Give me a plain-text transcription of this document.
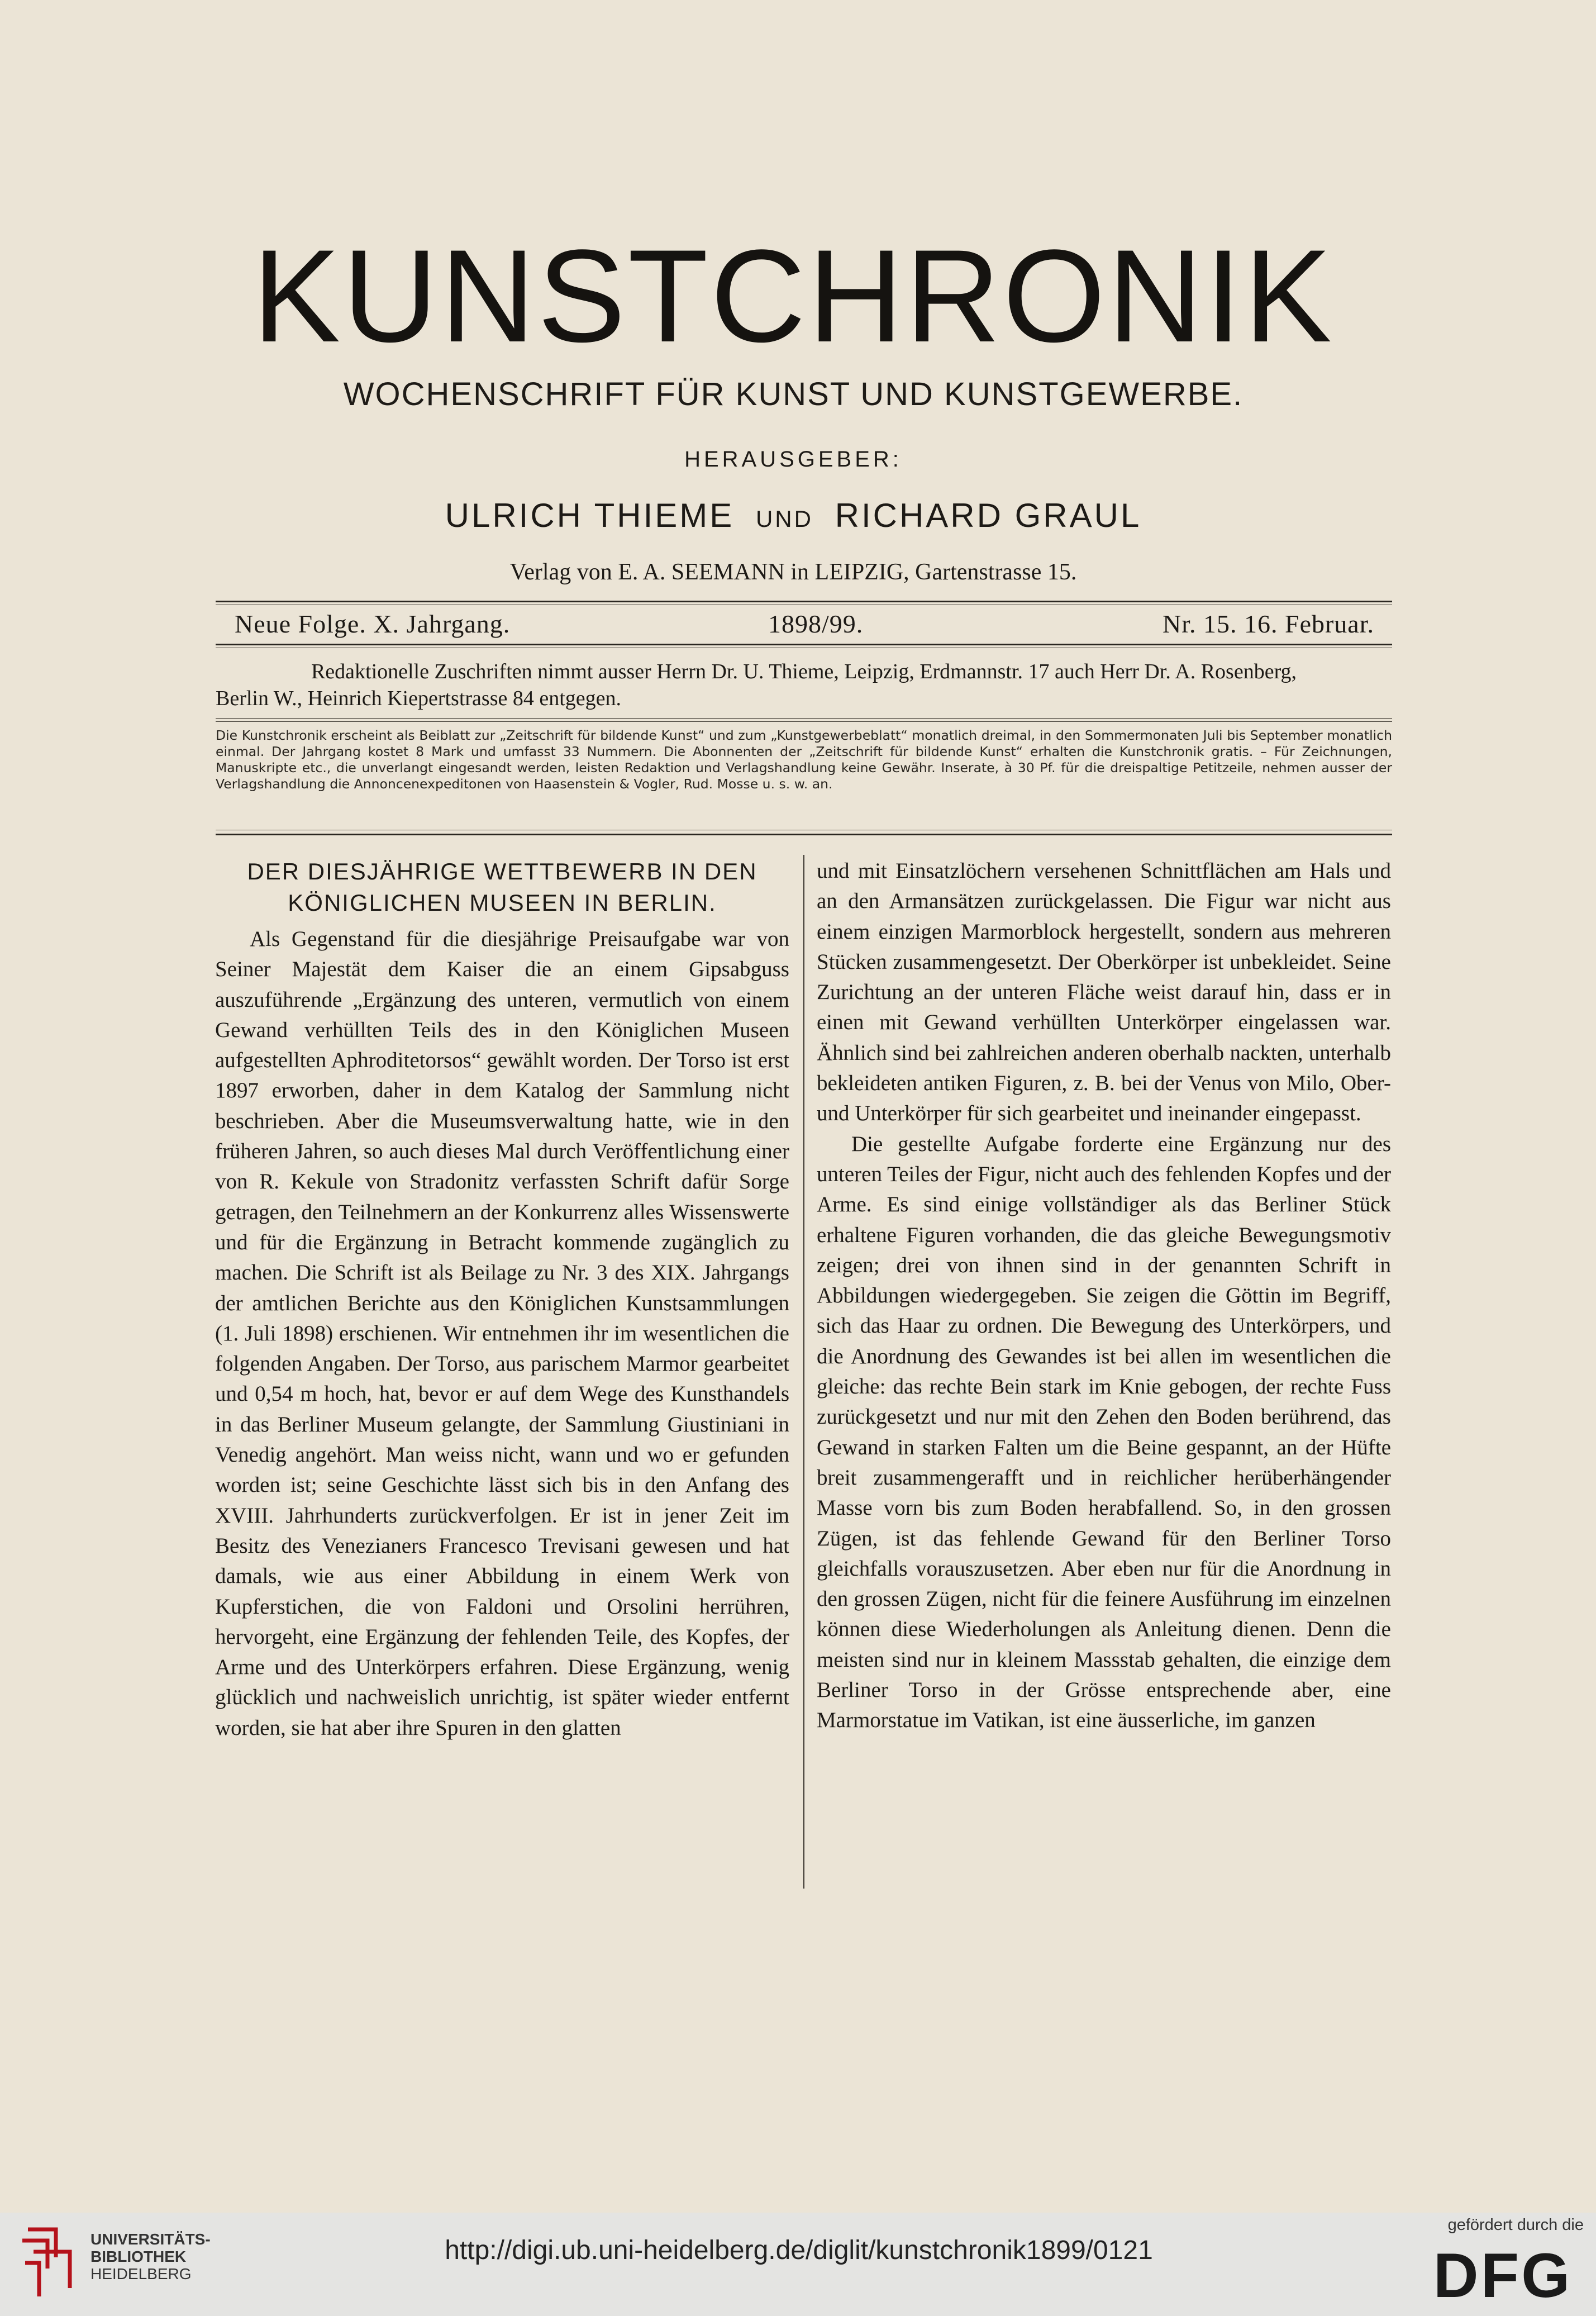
KUNSTCHRONIK
WOCHENSCHRIFT FÜR KUNST UND KUNSTGEWERBE.
HERAUSGEBER:
ULRICH THIEME UND RICHARD GRAUL
Verlag von E. A. SEEMANN in LEIPZIG, Gartenstrasse 15.
Neue Folge. X. Jahrgang.	1898/99.	Nr. 15. 16. Februar.

Redaktionelle Zuschriften nimmt ausser Herrn Dr. U. Thieme, Leipzig, Erdmannstr. 17 auch Herr Dr. A. Rosenberg,

Berlin W., Heinrich Kiepertstrasse 84 entgegen.

Die Kunstchronik erscheint als Beiblatt zur „Zeitschrift für bildende Kunst“ und zum „Kunstgewerbeblatt“ monatlich dreimal, in den Sommermonaten Juli bis September monatlich einmal. Der Jahrgang kostet 8 Mark und umfasst 33 Nummern. Die Abonnenten der „Zeitschrift für bildende Kunst“ erhalten die Kunstchronik gratis. – Für Zeichnungen, Manuskripte etc., die unverlangt eingesandt werden, leisten Redaktion und Verlagshandlung keine Gewähr. Inserate, à 30 Pf. für die dreispaltige Petitzeile, nehmen ausser der Verlagshandlung die Annoncenexpeditonen von Haasenstein & Vogler, Rud. Mosse u. s. w. an.

DER DIESJÄHRIGE WETTBEWERB IN DEN KÖNIGLICHEN MUSEEN IN BERLIN.

Als Gegenstand für die diesjährige Preisaufgabe war von Seiner Majestät dem Kaiser die an einem Gipsabguss auszuführende „Ergänzung des unteren, vermutlich von einem Gewand verhüllten Teils des in den Königlichen Museen aufgestellten Aphroditetorsos“ gewählt worden. Der Torso ist erst 1897 erworben, daher in dem Katalog der Sammlung nicht beschrieben. Aber die Museumsverwaltung hatte, wie in den früheren Jahren, so auch dieses Mal durch Veröffentlichung einer von R. Kekule von Stradonitz verfassten Schrift dafür Sorge getragen, den Teilnehmern an der Konkurrenz alles Wissenswerte und für die Ergänzung in Betracht kommende zugänglich zu machen. Die Schrift ist als Beilage zu Nr. 3 des XIX. Jahrgangs der amtlichen Berichte aus den Königlichen Kunstsammlungen (1. Juli 1898) erschienen. Wir entnehmen ihr im wesentlichen die folgenden Angaben. Der Torso, aus parischem Marmor gearbeitet und 0,54 m hoch, hat, bevor er auf dem Wege des Kunsthandels in das Berliner Museum gelangte, der Sammlung Giustiniani in Venedig angehört. Man weiss nicht, wann und wo er gefunden worden ist; seine Geschichte lässt sich bis in den Anfang des XVIII. Jahrhunderts zurückverfolgen. Er ist in jener Zeit im Besitz des Venezianers Francesco Trevisani gewesen und hat damals, wie aus einer Abbildung in einem Werk von Kupferstichen, die von Faldoni und Orsolini herrühren, hervorgeht, eine Ergänzung der fehlenden Teile, des Kopfes, der Arme und des Unterkörpers erfahren. Diese Ergänzung, wenig glücklich und nachweislich unrichtig, ist später wieder entfernt worden, sie hat aber ihre Spuren in den glatten

und mit Einsatzlöchern versehenen Schnittflächen am Hals und an den Armansätzen zurückgelassen. Die Figur war nicht aus einem einzigen Marmorblock hergestellt, sondern aus mehreren Stücken zusammengesetzt. Der Oberkörper ist unbekleidet. Seine Zurichtung an der unteren Fläche weist darauf hin, dass er in einen mit Gewand verhüllten Unterkörper eingelassen war. Ähnlich sind bei zahlreichen anderen oberhalb nackten, unterhalb bekleideten antiken Figuren, z. B. bei der Venus von Milo, Ober- und Unterkörper für sich gearbeitet und ineinander eingepasst.

Die gestellte Aufgabe forderte eine Ergänzung nur des unteren Teiles der Figur, nicht auch des fehlenden Kopfes und der Arme. Es sind einige vollständiger als das Berliner Stück erhaltene Figuren vorhanden, die das gleiche Bewegungsmotiv zeigen; drei von ihnen sind in der genannten Schrift in Abbildungen wiedergegeben. Sie zeigen die Göttin im Begriff, sich das Haar zu ordnen. Die Bewegung des Unterkörpers, und die Anordnung des Gewandes ist bei allen im wesentlichen die gleiche: das rechte Bein stark im Knie gebogen, der rechte Fuss zurückgesetzt und nur mit den Zehen den Boden berührend, das Gewand in starken Falten um die Beine gespannt, an der Hüfte breit zusammengerafft und in reichlicher herüberhängender Masse vorn bis zum Boden herabfallend. So, in den grossen Zügen, ist das fehlende Gewand für den Berliner Torso gleichfalls vorauszusetzen. Aber eben nur für die Anordnung in den grossen Zügen, nicht für die feinere Ausführung im einzelnen können diese Wiederholungen als Anleitung dienen. Denn die meisten sind nur in kleinem Massstab gehalten, die einzige dem Berliner Torso in der Grösse entsprechende aber, eine Marmorstatue im Vatikan, ist eine äusserliche, im ganzen

UNIVERSITÄTS-
BIBLIOTHEK
HEIDELBERG
http://digi.ub.uni-heidelberg.de/diglit/kunstchronik1899/0121
gefördert durch die
DFG
